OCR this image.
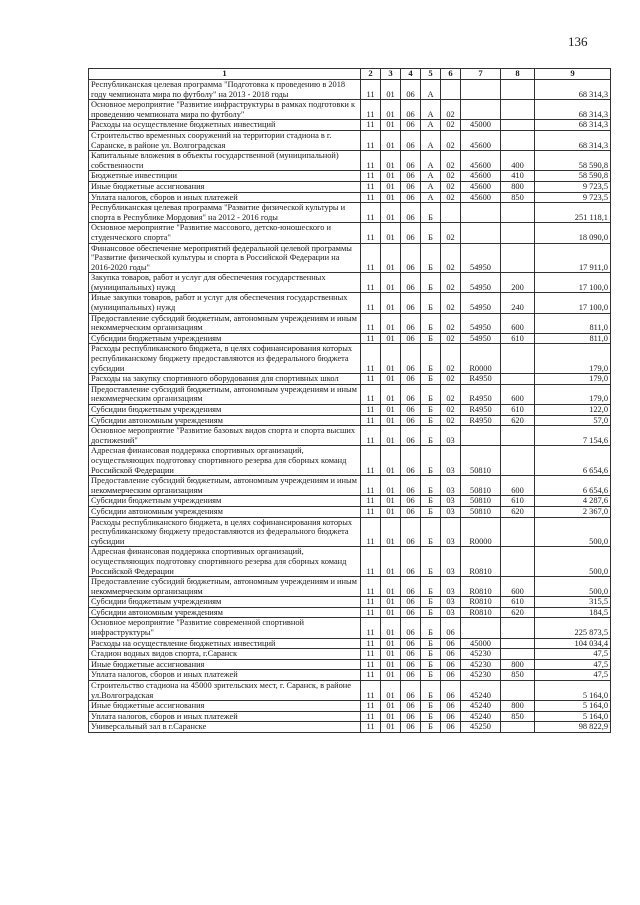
136
1	2	3	4	5	6	7	8	9
Республиканская целевая программа "Подготовка к проведению в 2018 году чемпионата мира по футболу" на 2013 - 2018 годы	11	01	06	А				68 314,3
Основное мероприятие "Развитие инфраструктуры в рамках подготовки к проведению чемпионата мира по футболу"	11	01	06	А	02			68 314,3
Расходы на осуществление бюджетных инвестиций	11	01	06	А	02	45000		68 314,3
Строительство временных сооружений на территории стадиона в г. Саранске, в районе ул. Волгоградская	11	01	06	А	02	45600		68 314,3
Капитальные вложения в объекты государственной (муниципальной) собственности	11	01	06	А	02	45600	400	58 590,8
Бюджетные инвестиции	11	01	06	А	02	45600	410	58 590,8
Иные бюджетные ассигнования	11	01	06	А	02	45600	800	9 723,5
Уплата налогов, сборов и иных платежей	11	01	06	А	02	45600	850	9 723,5
Республиканская целевая программа "Развитие физической культуры и спорта в Республике Мордовия" на 2012 - 2016 годы	11	01	06	Б				251 118,1
Основное мероприятие "Развитие массового, детско-юношеского и студенческого спорта"	11	01	06	Б	02			18 090,0
Финансовое обеспечение мероприятий федеральной целевой программы "Развитие физической культуры и спорта в Российской Федерации на 2016-2020 годы"	11	01	06	Б	02	54950		17 911,0
Закупка товаров, работ и услуг для обеспечения государственных (муниципальных) нужд	11	01	06	Б	02	54950	200	17 100,0
Иные закупки товаров, работ и услуг для обеспечения государственных (муниципальных) нужд	11	01	06	Б	02	54950	240	17 100,0
Предоставление субсидий бюджетным, автономным учреждениям и иным некоммерческим организациям	11	01	06	Б	02	54950	600	811,0
Субсидии бюджетным учреждениям	11	01	06	Б	02	54950	610	811,0
Расходы республиканского бюджета, в целях софинансирования которых республиканскому бюджету предоставляются из федерального бюджета субсидии	11	01	06	Б	02	R0000		179,0
Расходы на закупку спортивного оборудования для спортивных школ	11	01	06	Б	02	R4950		179,0
Предоставление субсидий бюджетным, автономным учреждениям и иным некоммерческим организациям	11	01	06	Б	02	R4950	600	179,0
Субсидии бюджетным учреждениям	11	01	06	Б	02	R4950	610	122,0
Субсидии автономным учреждениям	11	01	06	Б	02	R4950	620	57,0
Основное мероприятие "Развитие базовых видов спорта и спорта высших достижений"	11	01	06	Б	03			7 154,6
Адресная финансовая поддержка спортивных организаций, осуществляющих подготовку спортивного резерва для сборных команд Российской Федерации	11	01	06	Б	03	50810		6 654,6
Предоставление субсидий бюджетным, автономным учреждениям и иным некоммерческим организациям	11	01	06	Б	03	50810	600	6 654,6
Субсидии бюджетным учреждениям	11	01	06	Б	03	50810	610	4 287,6
Субсидии автономным учреждениям	11	01	06	Б	03	50810	620	2 367,0
Расходы республиканского бюджета, в целях софинансирования которых республиканскому бюджету предоставляются из федерального бюджета субсидии	11	01	06	Б	03	R0000		500,0
Адресная финансовая поддержка спортивных организаций, осуществляющих подготовку спортивного резерва для сборных команд Российской Федерации	11	01	06	Б	03	R0810		500,0
Предоставление субсидий бюджетным, автономным учреждениям и иным некоммерческим организациям	11	01	06	Б	03	R0810	600	500,0
Субсидии бюджетным учреждениям	11	01	06	Б	03	R0810	610	315,5
Субсидии автономным учреждениям	11	01	06	Б	03	R0810	620	184,5
Основное мероприятие "Развитие современной спортивной инфраструктуры"	11	01	06	Б	06			225 873,5
Расходы на осуществление бюджетных инвестиций	11	01	06	Б	06	45000		104 034,4
Стадион водных видов спорта, г.Саранск	11	01	06	Б	06	45230		47,5
Иные бюджетные ассигнования	11	01	06	Б	06	45230	800	47,5
Уплата налогов, сборов и иных платежей	11	01	06	Б	06	45230	850	47,5
Строительство стадиона на 45000 зрительских мест, г. Саранск, в районе ул.Волгоградская	11	01	06	Б	06	45240		5 164,0
Иные бюджетные ассигнования	11	01	06	Б	06	45240	800	5 164,0
Уплата налогов, сборов и иных платежей	11	01	06	Б	06	45240	850	5 164,0
Универсальный зал в г.Саранске	11	01	06	Б	06	45250		98 822,9
